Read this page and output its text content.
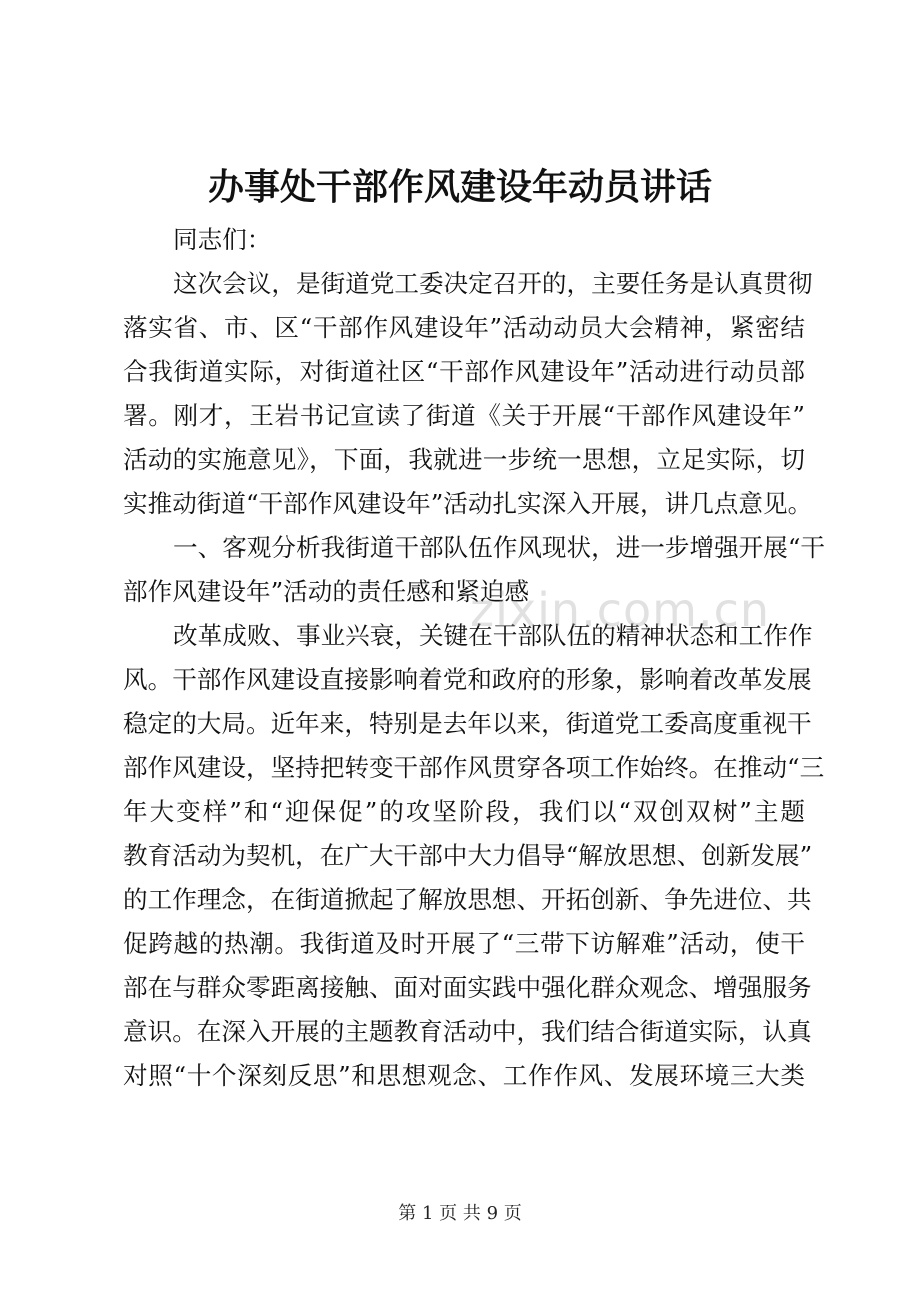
办事处干部作风建设年动员讲话
同志们：
这次会议，是街道党工委决定召开的，主要任务是认真贯彻
落实省、市、区“干部作风建设年”活动动员大会精神，紧密结
合我街道实际，对街道社区“干部作风建设年”活动进行动员部
署。刚才，王岩书记宣读了街道《关于开展“干部作风建设年”
活动的实施意见》，下面，我就进一步统一思想，立足实际，切
实推动街道“干部作风建设年”活动扎实深入开展，讲几点意见。
一、客观分析我街道干部队伍作风现状，进一步增强开展“干
部作风建设年”活动的责任感和紧迫感
改革成败、事业兴衰，关键在干部队伍的精神状态和工作作
风。干部作风建设直接影响着党和政府的形象，影响着改革发展
稳定的大局。近年来，特别是去年以来，街道党工委高度重视干
部作风建设，坚持把转变干部作风贯穿各项工作始终。在推动“三
年大变样”和“迎保促”的攻坚阶段，我们以“双创双树”主题
教育活动为契机，在广大干部中大力倡导“解放思想、创新发展”
的工作理念，在街道掀起了解放思想、开拓创新、争先进位、共
促跨越的热潮。我街道及时开展了“三带下访解难”活动，使干
部在与群众零距离接触、面对面实践中强化群众观念、增强服务
意识。在深入开展的主题教育活动中，我们结合街道实际，认真
对照“十个深刻反思”和思想观念、工作作风、发展环境三大类
zixin.com.cn
第 1 页 共 9 页
